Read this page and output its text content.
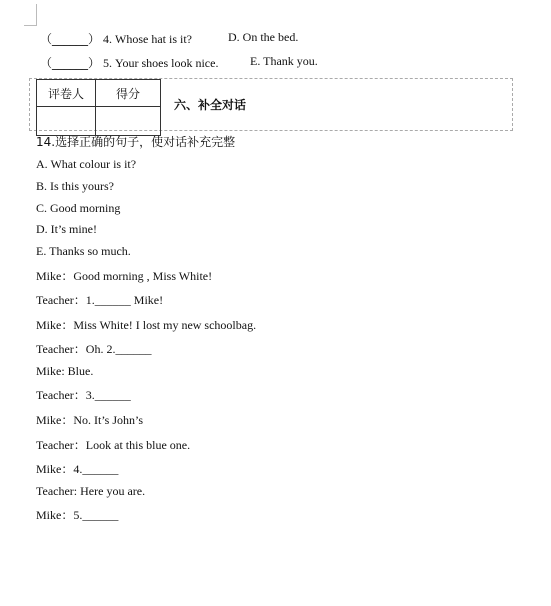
（______） 4. Whose hat is it?	D. On the bed.
（______） 5. Your shoes look nice.	E. Thank you.
评卷人	得分

六、补全对话
14.选择正确的句子，使对话补充完整
A. What colour is it?
B. Is this yours?
C. Good morning
D. It’s mine!
E. Thanks so much.
Mike：Good morning , Miss White!
Teacher：1.______ Mike!
Mike：Miss White! I lost my new schoolbag.
Teacher：Oh. 2.______
Mike: Blue.
Teacher：3.______
Mike：No. It’s John’s
Teacher：Look at this blue one.
Mike：4.______
Teacher: Here you are.
Mike：5.______
